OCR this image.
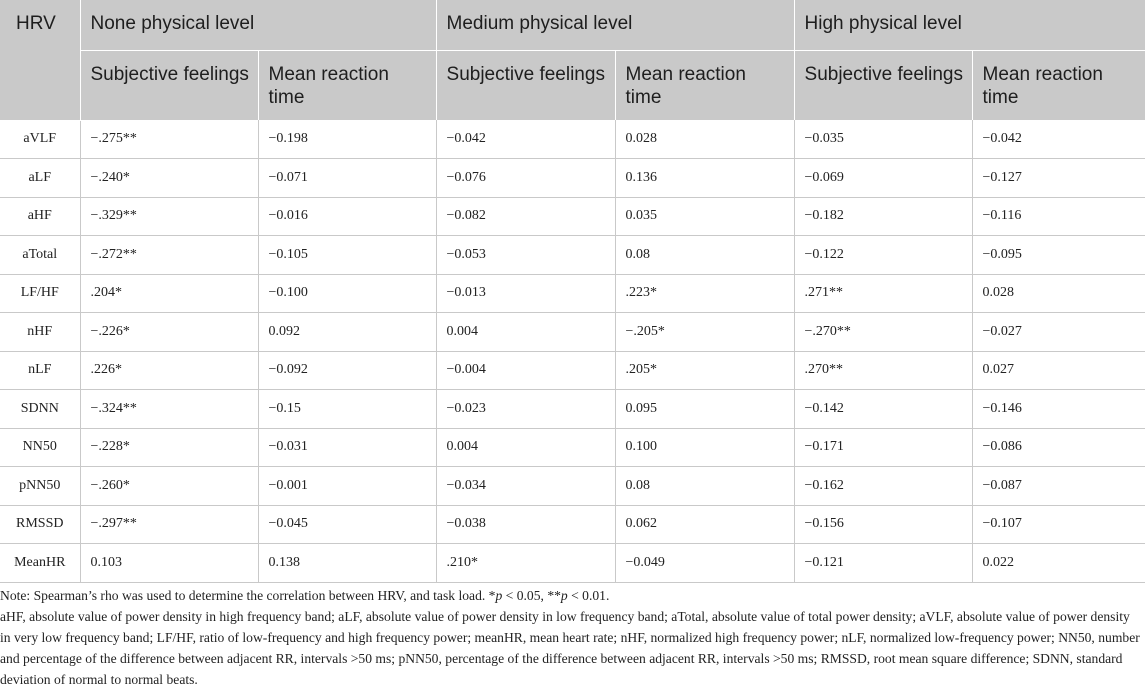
HRV	None physical level		Medium physical level		High physical level	
	Subjective feelings	Mean reaction time	Subjective feelings	Mean reaction time	Subjective feelings	Mean reaction time
aVLF	−.275**	−0.198	−0.042	0.028	−0.035	−0.042
aLF	−.240*	−0.071	−0.076	0.136	−0.069	−0.127
aHF	−.329**	−0.016	−0.082	0.035	−0.182	−0.116
aTotal	−.272**	−0.105	−0.053	0.08	−0.122	−0.095
LF/HF	.204*	−0.100	−0.013	.223*	.271**	0.028
nHF	−.226*	0.092	0.004	−.205*	−.270**	−0.027
nLF	.226*	−0.092	−0.004	.205*	.270**	0.027
SDNN	−.324**	−0.15	−0.023	0.095	−0.142	−0.146
NN50	−.228*	−0.031	0.004	0.100	−0.171	−0.086
pNN50	−.260*	−0.001	−0.034	0.08	−0.162	−0.087
RMSSD	−.297**	−0.045	−0.038	0.062	−0.156	−0.107
MeanHR	0.103	0.138	.210*	−0.049	−0.121	0.022

Note: Spearman’s rho was used to determine the correlation between HRV, and task load. *p < 0.05, **p < 0.01.

aHF, absolute value of power density in high frequency band; aLF, absolute value of power density in low frequency band; aTotal, absolute value of total power density; aVLF, absolute value of power density in very low frequency band; LF/HF, ratio of low-frequency and high frequency power; meanHR, mean heart rate; nHF, normalized high frequency power; nLF, normalized low-frequency power; NN50, number and percentage of the difference between adjacent RR, intervals >50 ms; pNN50, percentage of the difference between adjacent RR, intervals >50 ms; RMSSD, root mean square difference; SDNN, standard deviation of normal to normal beats.
